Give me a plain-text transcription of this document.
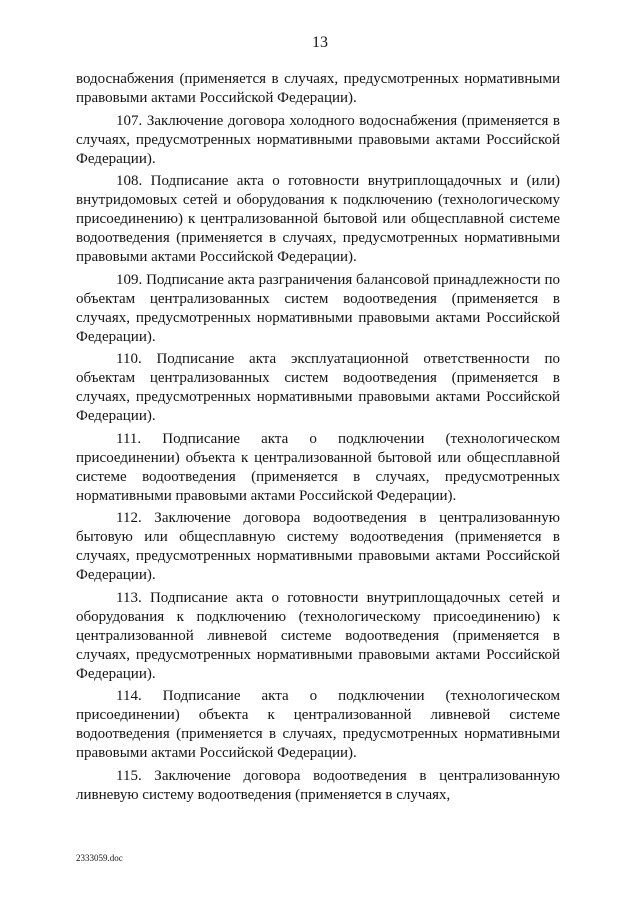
13

водоснабжения (применяется в случаях, предусмотренных нормативными правовыми актами Российской Федерации).

107. Заключение договора холодного водоснабжения (применяется в случаях, предусмотренных нормативными правовыми актами Российской Федерации).

108. Подписание акта о готовности внутриплощадочных и (или) внутридомовых сетей и оборудования к подключению (технологическому присоединению) к централизованной бытовой или общесплавной системе водоотведения (применяется в случаях, предусмотренных нормативными правовыми актами Российской Федерации).

109. Подписание акта разграничения балансовой принадлежности по объектам централизованных систем водоотведения (применяется в случаях, предусмотренных нормативными правовыми актами Российской Федерации).

110. Подписание акта эксплуатационной ответственности по объектам централизованных систем водоотведения (применяется в случаях, предусмотренных нормативными правовыми актами Российской Федерации).

111. Подписание акта о подключении (технологическом присоединении) объекта к централизованной бытовой или общесплавной системе водоотведения (применяется в случаях, предусмотренных нормативными правовыми актами Российской Федерации).

112. Заключение договора водоотведения в централизованную бытовую или общесплавную систему водоотведения (применяется в случаях, предусмотренных нормативными правовыми актами Российской Федерации).

113. Подписание акта о готовности внутриплощадочных сетей и оборудования к подключению (технологическому присоединению) к централизованной ливневой системе водоотведения (применяется в случаях, предусмотренных нормативными правовыми актами Российской Федерации).

114. Подписание акта о подключении (технологическом присоединении) объекта к централизованной ливневой системе водоотведения (применяется в случаях, предусмотренных нормативными правовыми актами Российской Федерации).

115. Заключение договора водоотведения в централизованную ливневую систему водоотведения (применяется в случаях,

2333059.doc
